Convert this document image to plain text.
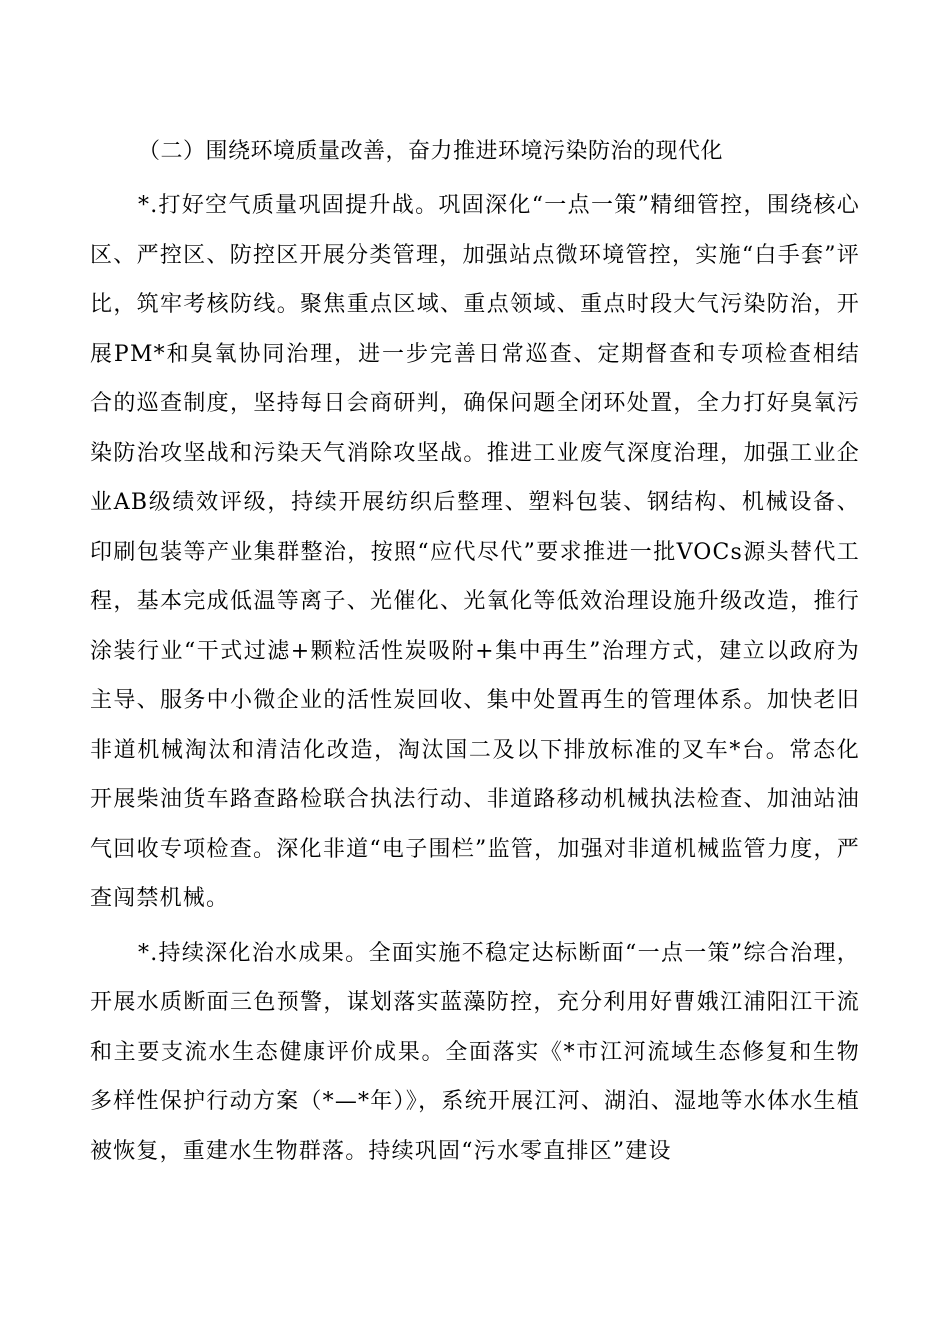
（二）围绕环境质量改善，奋力推进环境污染防治的现代化

*.打好空气质量巩固提升战。巩固深化“一点一策”精细管控，围绕核心区、严控区、防控区开展分类管理，加强站点微环境管控，实施“白手套”评比，筑牢考核防线。聚焦重点区域、重点领域、重点时段大气污染防治，开展PM*和臭氧协同治理，进一步完善日常巡查、定期督查和专项检查相结合的巡查制度，坚持每日会商研判，确保问题全闭环处置，全力打好臭氧污染防治攻坚战和污染天气消除攻坚战。推进工业废气深度治理，加强工业企业AB级绩效评级，持续开展纺织后整理、塑料包装、钢结构、机械设备、印刷包装等产业集群整治，按照“应代尽代”要求推进一批VOCs源头替代工程，基本完成低温等离子、光催化、光氧化等低效治理设施升级改造，推行涂装行业“干式过滤+颗粒活性炭吸附+集中再生”治理方式，建立以政府为主导、服务中小微企业的活性炭回收、集中处置再生的管理体系。加快老旧非道机械淘汰和清洁化改造，淘汰国二及以下排放标准的叉车*台。常态化开展柴油货车路查路检联合执法行动、非道路移动机械执法检查、加油站油气回收专项检查。深化非道“电子围栏”监管，加强对非道机械监管力度，严查闯禁机械。

*.持续深化治水成果。全面实施不稳定达标断面“一点一策”综合治理，开展水质断面三色预警，谋划落实蓝藻防控，充分利用好曹娥江浦阳江干流和主要支流水生态健康评价成果。全面落实《*市江河流域生态修复和生物多样性保护行动方案（*—*年）》，系统开展江河、湖泊、湿地等水体水生植被恢复，重建水生物群落。持续巩固“污水零直排区”建设
